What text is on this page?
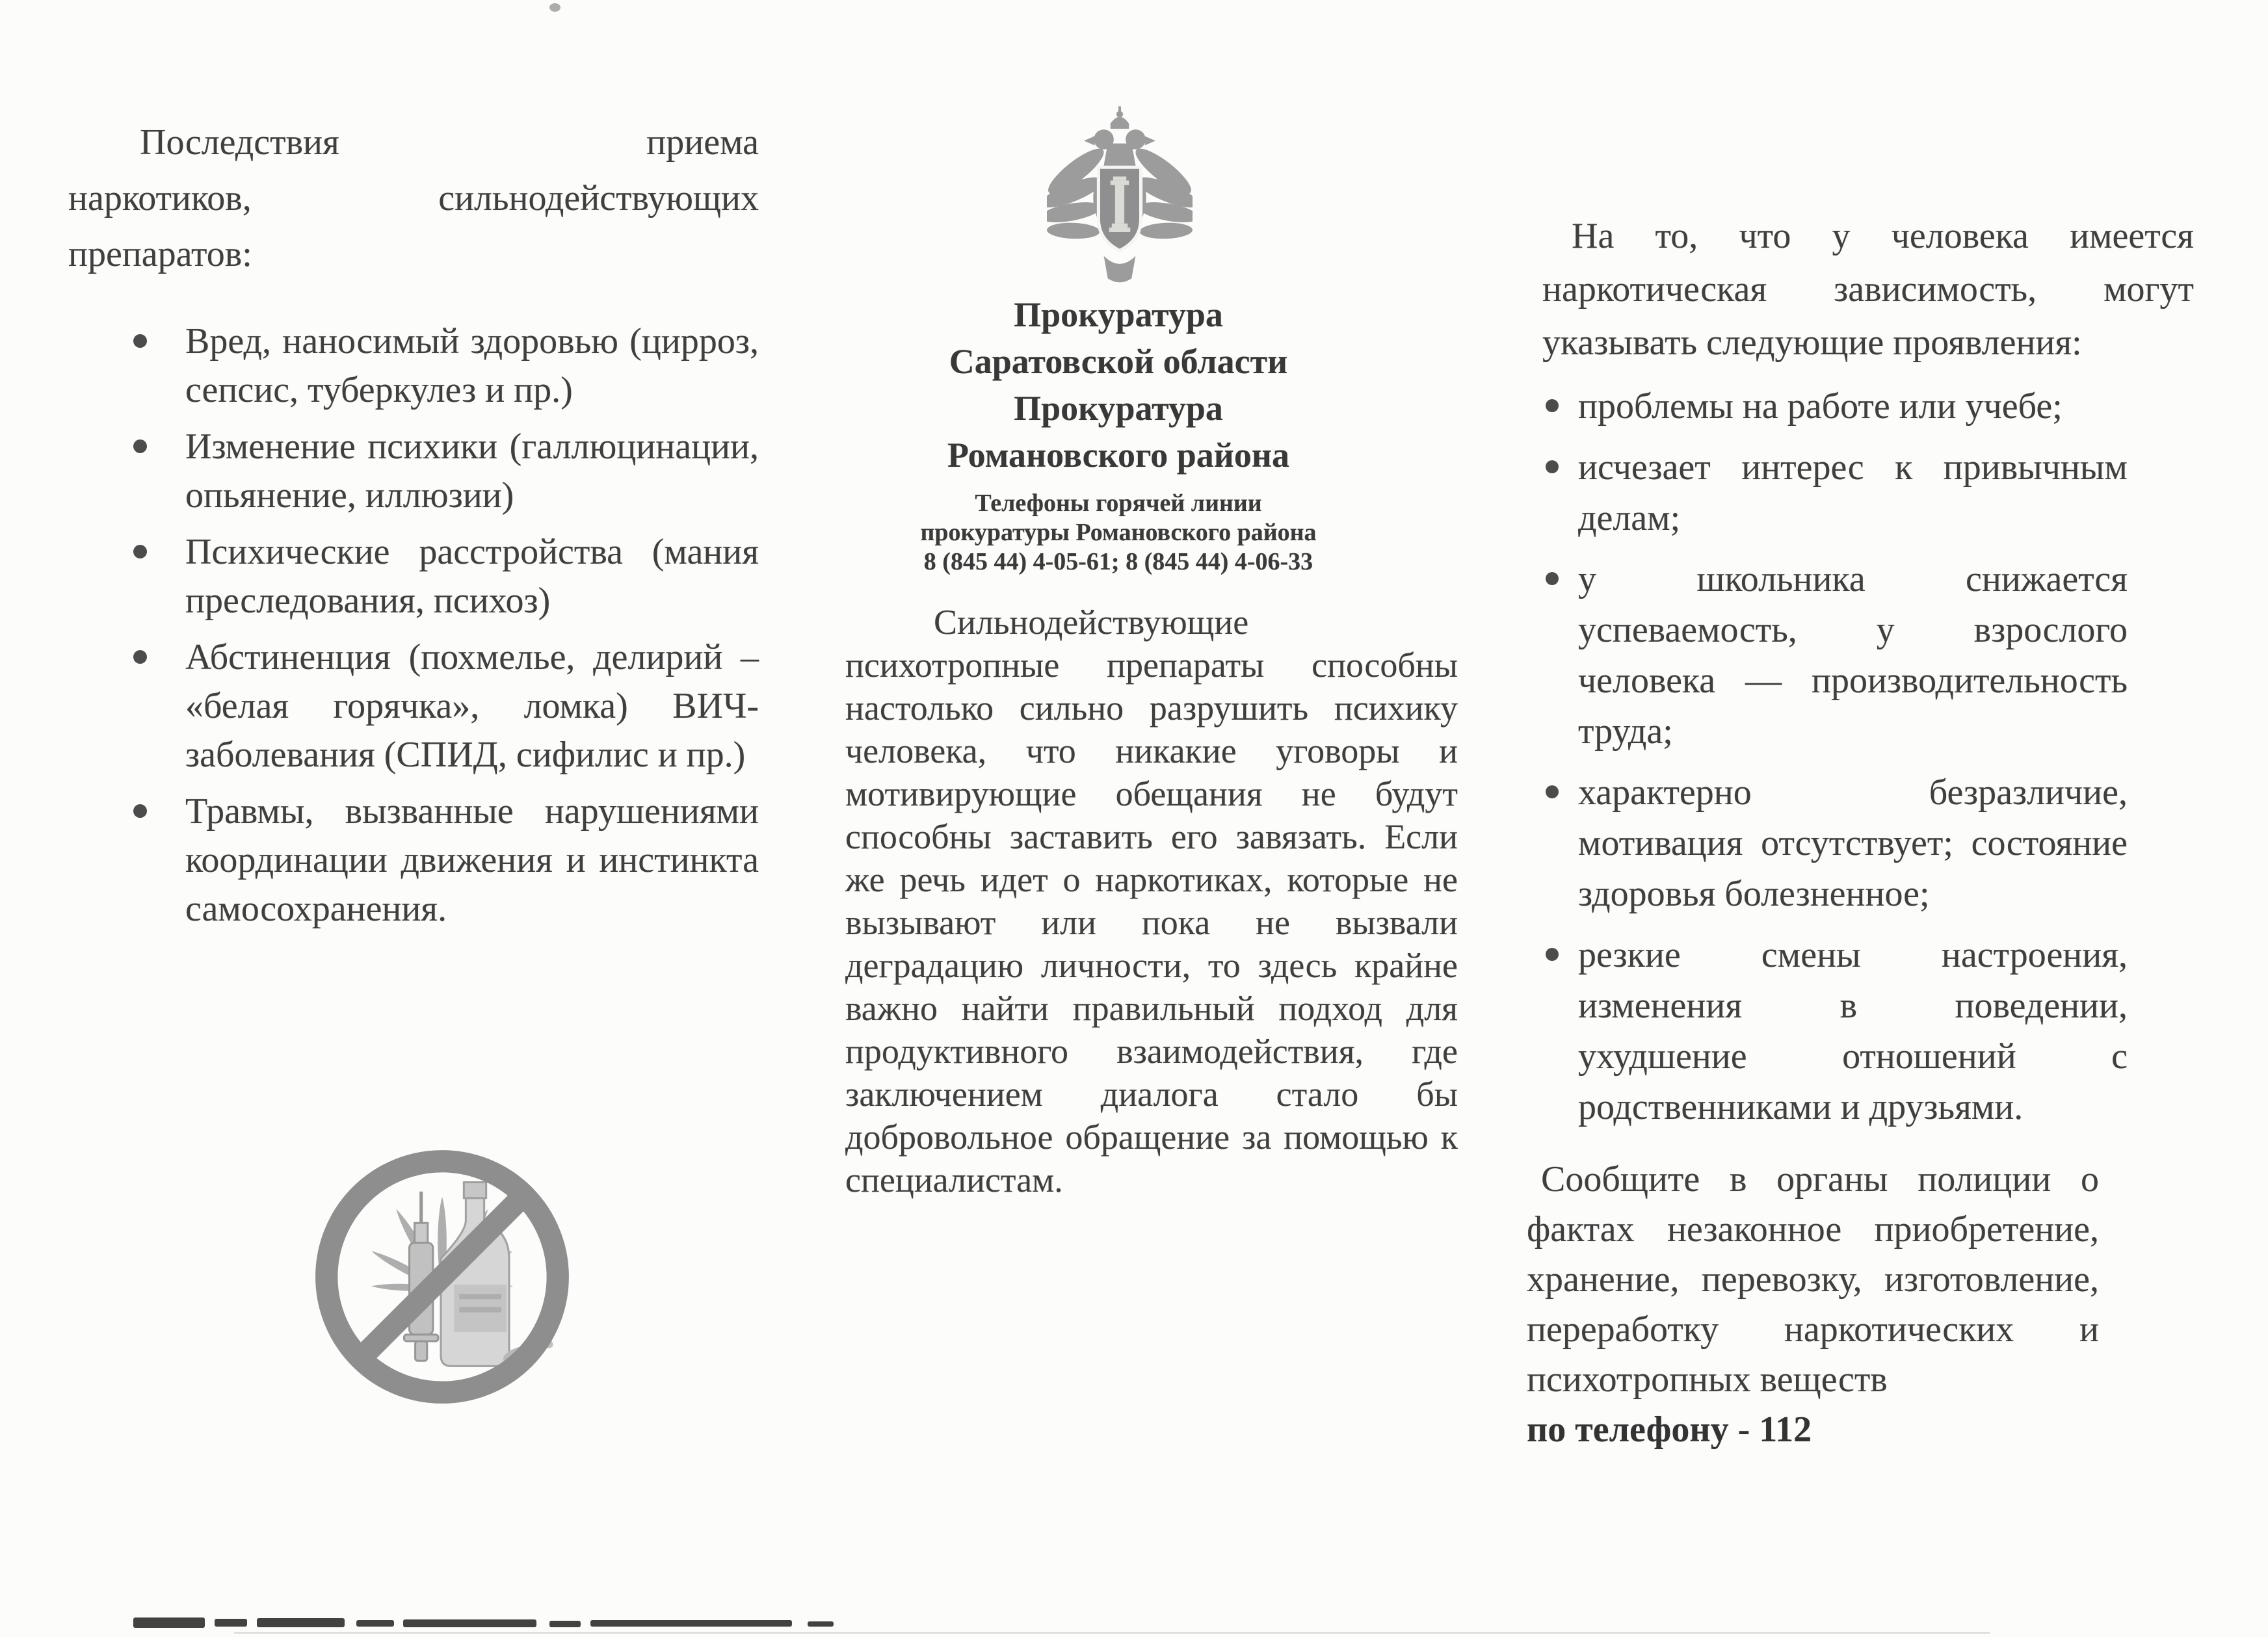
Последствия приема
наркотиков, сильнодействующих
препаратов:
Вред, наносимый здоровью (цирроз, сепсис, туберкулез и пр.)
Изменение психики (галлюцинации, опьянение, иллюзии)
Психические расстройства (мания преследования, психоз)
Абстиненция (похмелье, делирий – «белая горячка», ломка) ВИЧ-заболевания (СПИД, сифилис и пр.)
Травмы, вызванные нарушениями координации движения и инстинкта самосохранения.
Прокуратура
Саратовской области
Прокуратура
Романовского района
Телефоны горячей линии
прокуратуры Романовского района
8 (845 44) 4-05-61; 8 (845 44) 4-06-33
Сильнодействующие психотропные препараты способны настолько сильно разрушить психику человека, что никакие уговоры и мотивирующие обещания не будут способны заставить его завязать. Если же речь идет о наркотиках, которые не вызывают или пока не вызвали деградацию личности, то здесь крайне важно найти правильный подход для продуктивного взаимодействия, где заключением диалога стало бы добровольное обращение за помощью к специалистам.
На то, что у человека имеется
наркотическая зависимость, могут
указывать следующие проявления:
проблемы на работе или учебе;
исчезает интерес к привычным делам;
у школьника снижается успеваемость, у взрослого человека — производительность труда;
характерно безразличие, мотивация отсутствует; состояние здоровья болезненное;
резкие смены настроения, изменения в поведении, ухудшение отношений с родственниками и друзьями.
Сообщите в органы полиции о фактах незаконное приобретение, хранение, перевозку, изготовление, переработку наркотических и психотропных веществ
по телефону - 112
